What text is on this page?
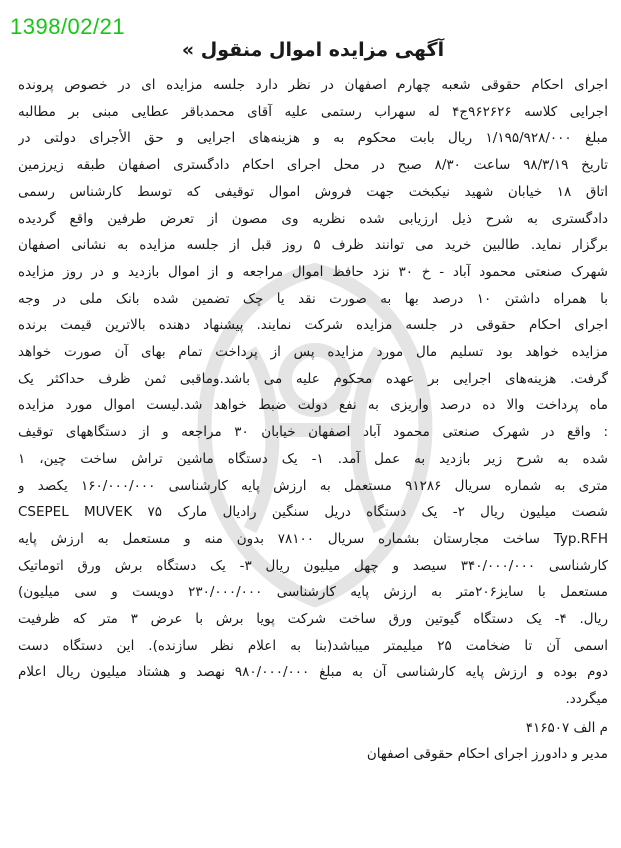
1398/02/21
آگهی مزایده اموال منقول »
اجرای احکام حقوقی شعبه چهارم اصفهان در نظر دارد جلسه مزایده ای در خصوص پرونده
اجرایی کلاسه ۹۶۲۶۲۶ج۴ له سهراب رستمی علیه آقای محمدباقر عطایی مبنی بر مطالبه
مبلغ ۱/۱۹۵/۹۲۸/۰۰۰ ریال بابت محکوم به و هزینه‌های اجرایی و حق الأجرای دولتی در
تاریخ ۹۸/۳/۱۹ ساعت ۸/۳۰ صبح در محل اجرای احکام دادگستری اصفهان طبقه زیرزمین
اتاق ۱۸ خیابان شهید نیکبخت جهت فروش اموال توقیفی که توسط کارشناس رسمی
دادگستری به شرح ذیل ارزیابی شده نظریه وی مصون از تعرض طرفین واقع گردیده
برگزار نماید. طالبین خرید می توانند ظرف ۵ روز قبل از جلسه مزایده به نشانی اصفهان
شهرک صنعتی محمود آباد - خ ۳۰ نزد حافظ اموال مراجعه و از اموال بازدید و در روز مزایده
با همراه داشتن ۱۰ درصد بها به صورت نقد یا چک تضمین شده بانک ملی در وجه
اجرای احکام حقوقی در جلسه مزایده شرکت نمایند. پیشنهاد دهنده بالاترین قیمت برنده
مزایده خواهد بود تسلیم مال مورد مزایده پس از پرداخت تمام بهای آن صورت خواهد
گرفت. هزینه‌های اجرایی بر عهده محکوم علیه می باشد.وماقبی ثمن ظرف حداکثر یک
ماه پرداخت والا ده درصد واریزی به نفع دولت ضبط خواهد شد.لیست اموال مورد مزایده
: واقع در شهرک صنعتی محمود آباد اصفهان خیابان ۳۰ مراجعه و از دستگاههای توقیف
شده به شرح زیر بازدید به عمل آمد. ۱- یک دستگاه ماشین تراش ساخت چین، ۱
متری به شماره سریال ۹۱۲۸۶ مستعمل به ارزش پایه کارشناسی ۱۶۰/۰۰۰/۰۰۰ یکصد و
شصت میلیون ریال ۲- یک دستگاه دریل سنگین رادیال مارک CSEPEL MUVEK ۷۵
Typ.RFH ساخت مجارستان بشماره سریال ۷۸۱۰۰ بدون منه و مستعمل به ارزش پایه
کارشناسی ۳۴۰/۰۰۰/۰۰۰ سیصد و چهل میلیون ریال ۳- یک دستگاه برش ورق اتوماتیک
مستعمل با سایز۲۰۶متر به ارزش پایه کارشناسی ۲۳۰/۰۰۰/۰۰۰ دویست و سی میلیون)
ریال. ۴- یک دستگاه گیوتین ورق ساخت شرکت پویا برش با عرض ۳ متر که ظرفیت
اسمی آن تا ضخامت ۲۵ میلیمتر میباشد(بنا به اعلام نظر سازنده). این دستگاه دست
دوم بوده و ارزش پایه کارشناسی آن به مبلغ ۹۸۰/۰۰۰/۰۰۰ نهصد و هشتاد میلیون ریال اعلام
میگردد.
م الف ۴۱۶۵۰۷
مدیر و دادورز اجرای احکام حقوقی اصفهان
